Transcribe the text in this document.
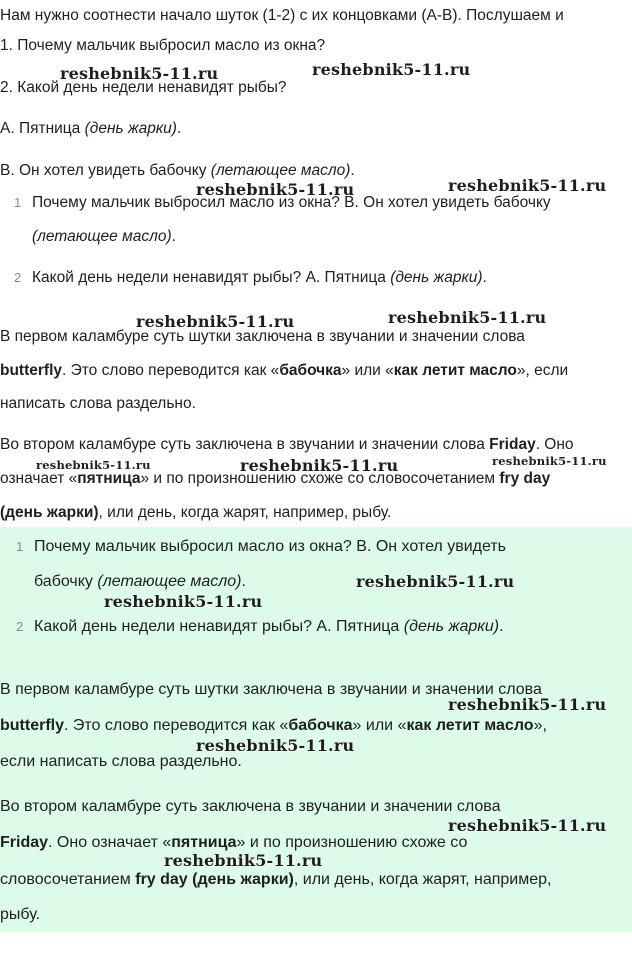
Нам нужно соотнести начало шуток (1-2) с их концовками (А-В). Послушаем и
1. Почему мальчик выбросил масло из окна?
2. Какой день недели ненавидят рыбы?
А. Пятница (день жарки).
В. Он хотел увидеть бабочку (летающее масло).
1 Почему мальчик выбросил масло из окна? В. Он хотел увидеть бабочку
(летающее масло).
2 Какой день недели ненавидят рыбы? А. Пятница (день жарки).
В первом каламбуре суть шутки заключена в звучании и значении слова
butterfly. Это слово переводится как «бабочка» или «как летит масло», если
написать слова раздельно.
Во втором каламбуре суть заключена в звучании и значении слова Friday. Оно
означает «пятница» и по произношению схоже со словосочетанием fry day
(день жарки), или день, когда жарят, например, рыбу.
1 Почему мальчик выбросил масло из окна? В. Он хотел увидеть
бабочку (летающее масло).
2 Какой день недели ненавидят рыбы? А. Пятница (день жарки).
В первом каламбуре суть шутки заключена в звучании и значении слова
butterfly. Это слово переводится как «бабочка» или «как летит масло»,
если написать слова раздельно.
Во втором каламбуре суть заключена в звучании и значении слова
Friday. Оно означает «пятница» и по произношению схоже со
словосочетанием fry day (день жарки), или день, когда жарят, например,
рыбу.
reshebnik5-11.ru	reshebnik5-11.ru
reshebnik5-11.ru	reshebnik5-11.ru
reshebnik5-11.ru	reshebnik5-11.ru
reshebnik5-11.ru	reshebnik5-11.ru	reshebnik5-11.ru
reshebnik5-11.ru
reshebnik5-11.ru
reshebnik5-11.ru
reshebnik5-11.ru
reshebnik5-11.ru
reshebnik5-11.ru
